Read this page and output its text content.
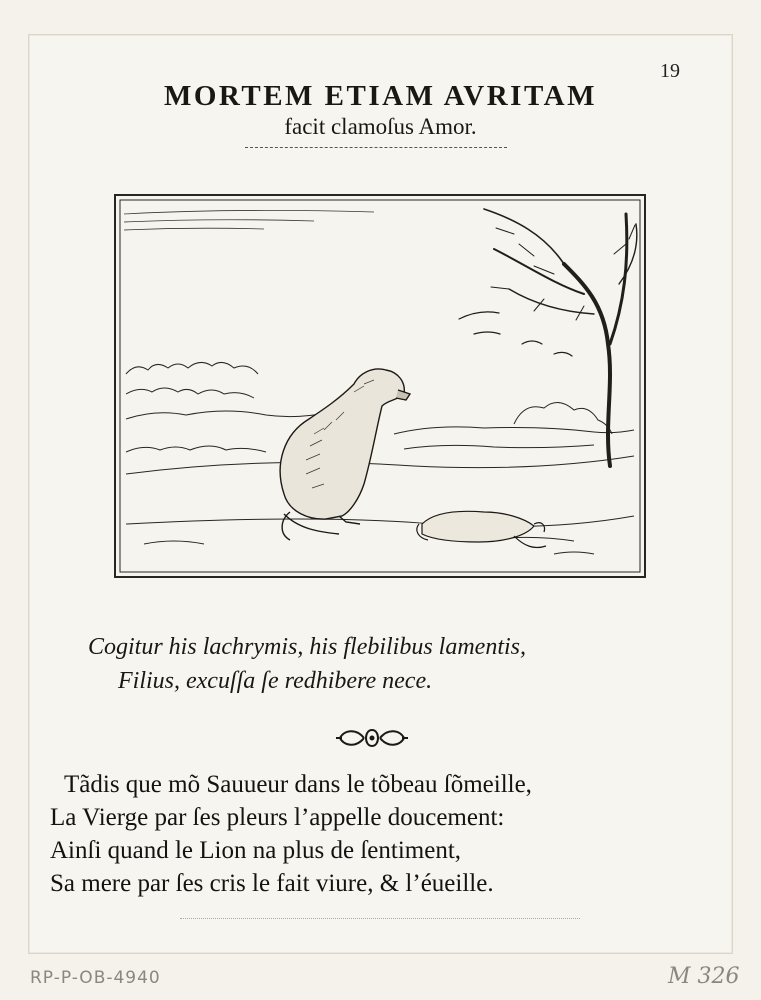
19
MORTEM ETIAM AVRITAM
facit clamoſus Amor.
Cogitur his lachrymis, his flebilibus lamentis,
Filius, excuſſa ſe redhibere nece.
Tãdis que mõ Sauueur dans le tõbeau ſõmeille,
La Vierge par ſes pleurs l’appelle doucement:
Ainſi quand le Lion na plus de ſentiment,
Sa mere par ſes cris le fait viure, & l’éueille.
RP-P-OB-4940	M 326
